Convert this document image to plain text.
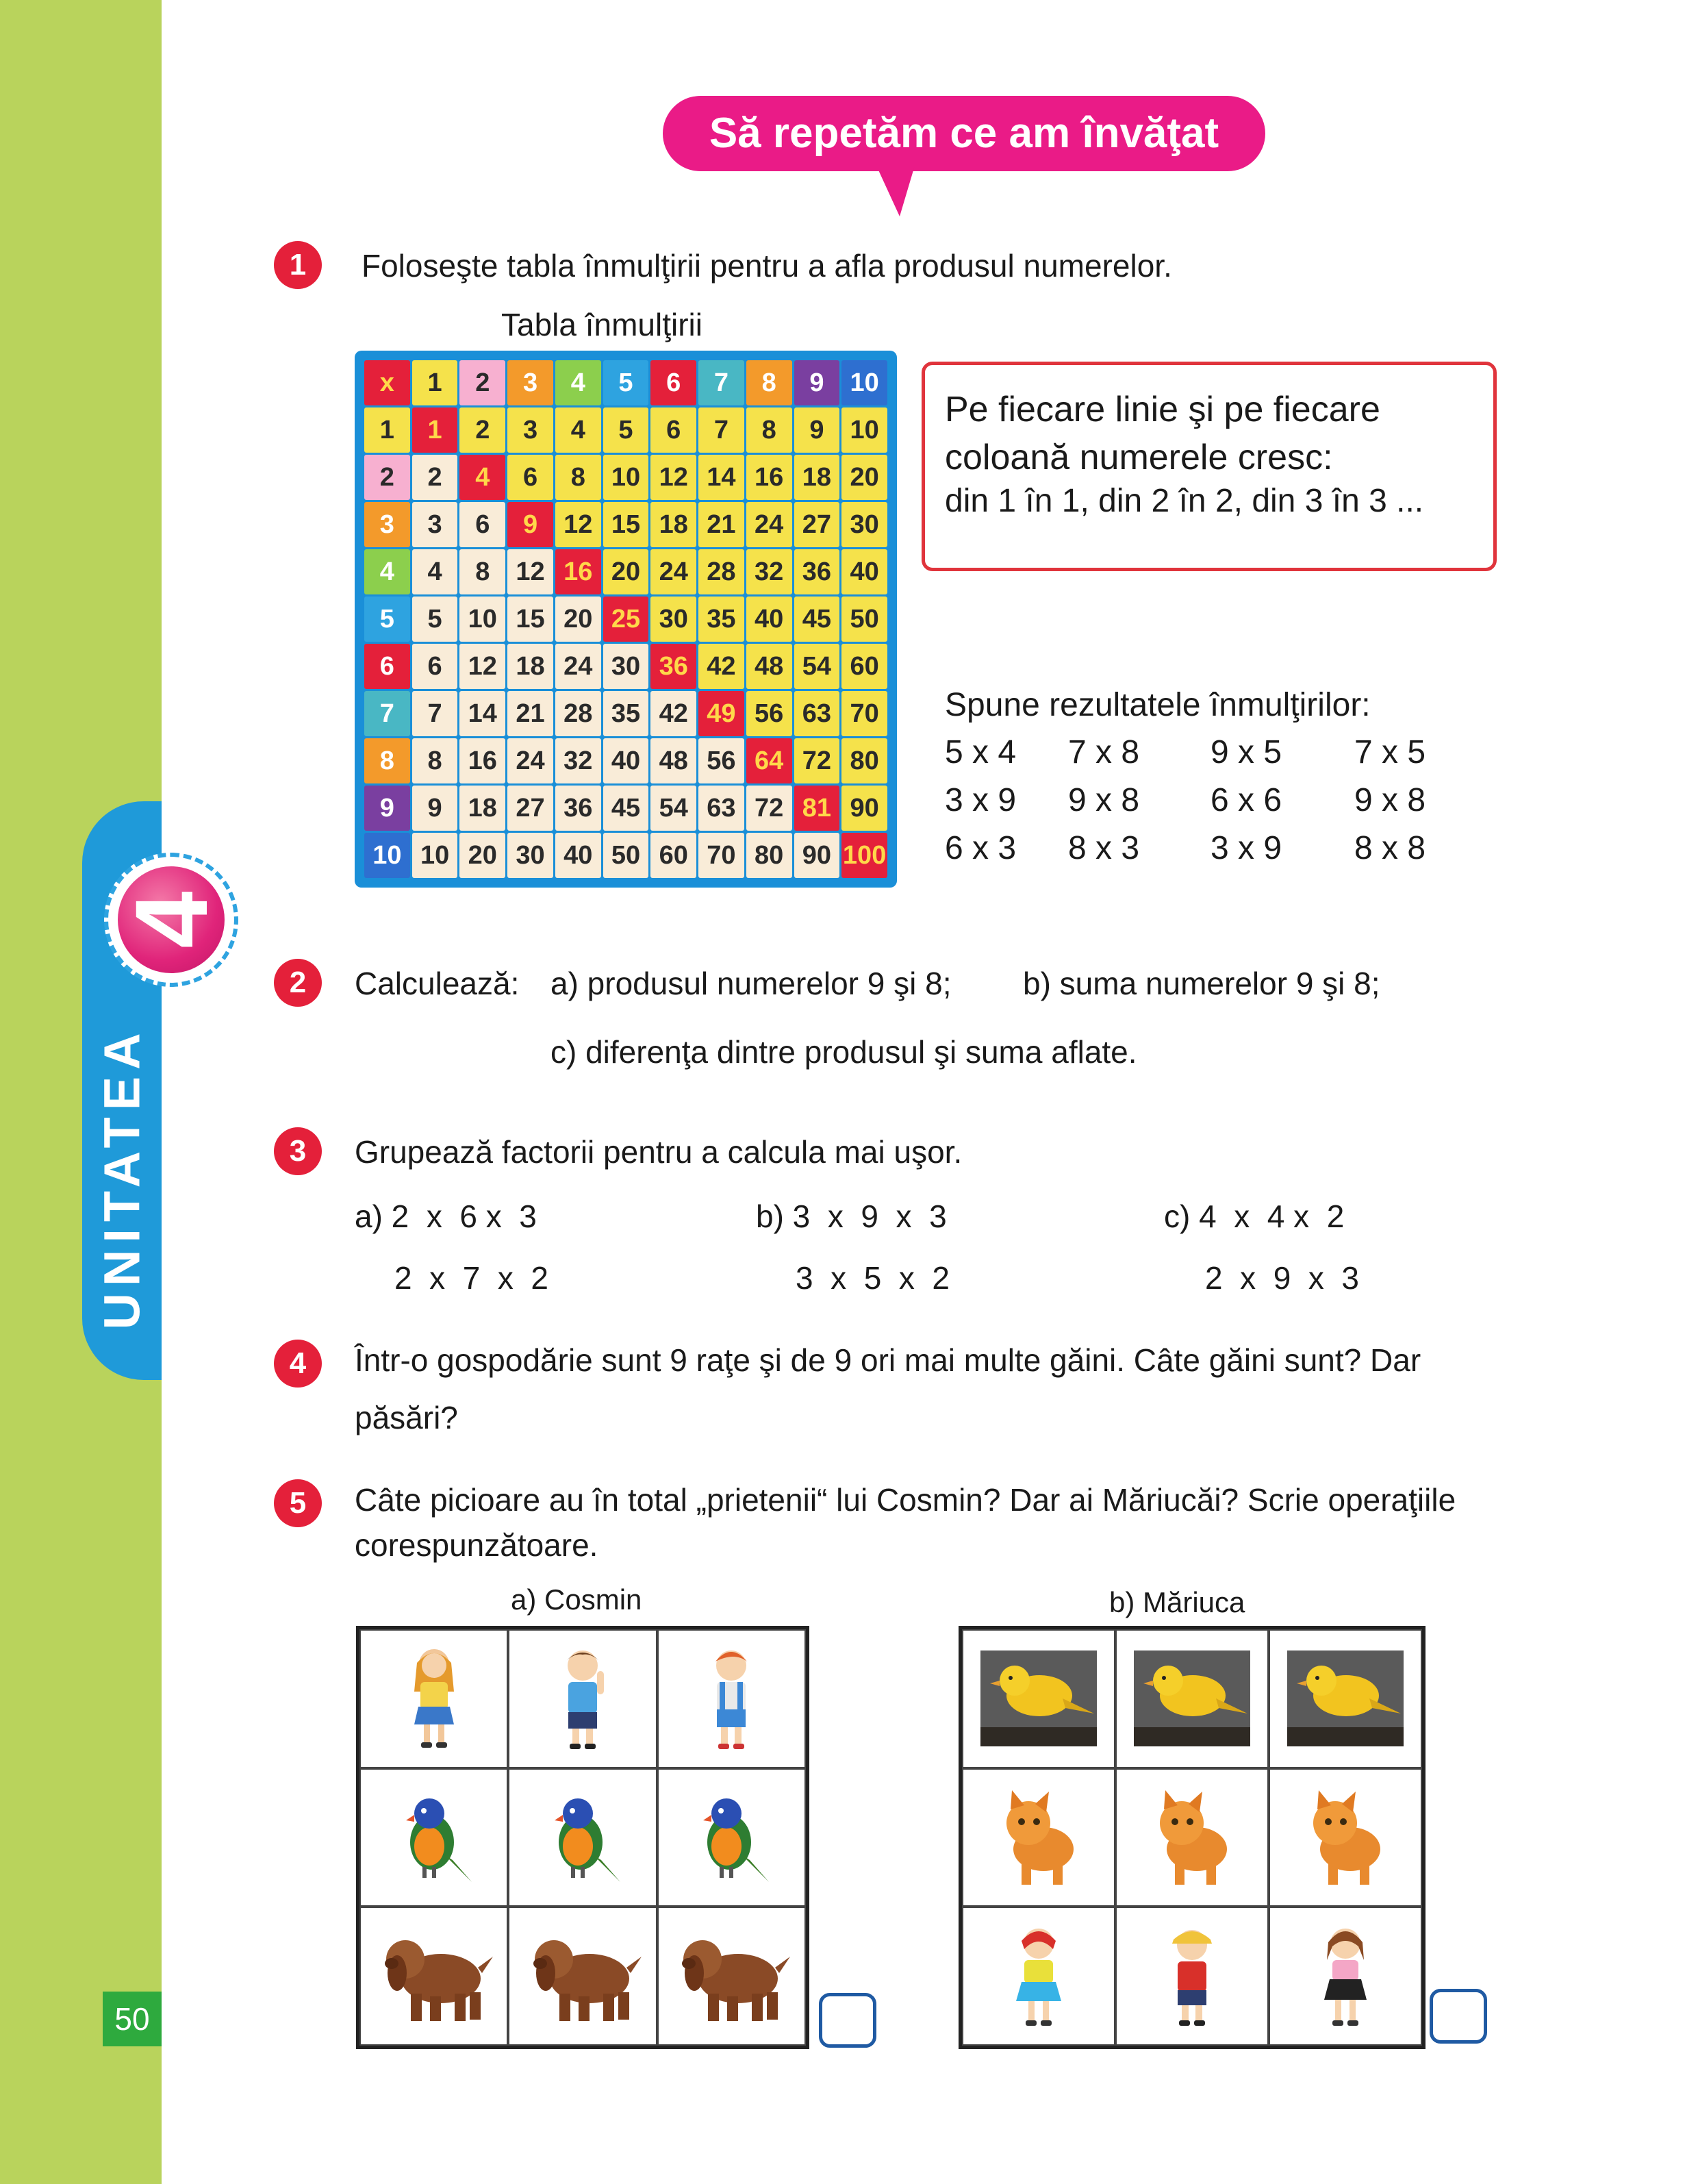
UNITATEA
4
50
Să repetăm ce am învăţat
1	Foloseşte tabla înmulţirii pentru a afla produsul numerelor.
Tabla înmulţirii
x	1	2	3	4	5	6	7	8	9	10
1	1	2	3	4	5	6	7	8	9	10
2	2	4	6	8	10 12 14 16 18 20
3	3	6	9	12 15 18 21 24 27 30
4	4	8	12 16 20 24 28 32 36 40
5	5	10 15 20 25 30 35 40 45 50
6	6	12 18 24 30 36 42 48 54 60
7	7	14 21 28 35 42 49 56 63 70
8	8	16 24 32 40 48 56 64 72 80
9	9	18 27 36 45 54 63 72 81 90
10 10 20 30 40 50 60 70 80 90 100
Pe fiecare linie şi pe fiecare
coloană numerele cresc:
din 1 în 1, din 2 în 2, din 3 în 3 ...
Spune rezultatele înmulţirilor:
5 x 4 7 x 8 9 x 5 7 x 5
3 x 9 9 x 8 6 x 6 9 x 8
6 x 3 8 x 3 3 x 9 8 x 8
2	Calculează: a) produsul numerelor 9 şi 8; b) suma numerelor 9 şi 8;
c) diferenţa dintre produsul şi suma aflate.
3	Grupează factorii pentru a calcula mai uşor.
a) 2  x  6 x  3
2  x  7  x  2
b) 3  x  9  x  3
3  x  5  x  2
c) 4  x  4 x  2
2  x  9  x  3
4	Într-o gospodărie sunt 9 raţe şi de 9 ori mai multe găini. Câte găini sunt? Dar
păsări?
5	Câte picioare au în total „prietenii“ lui Cosmin? Dar ai Măriucăi? Scrie operaţiile
corespunzătoare.
a) Cosmin	b) Măriuca
